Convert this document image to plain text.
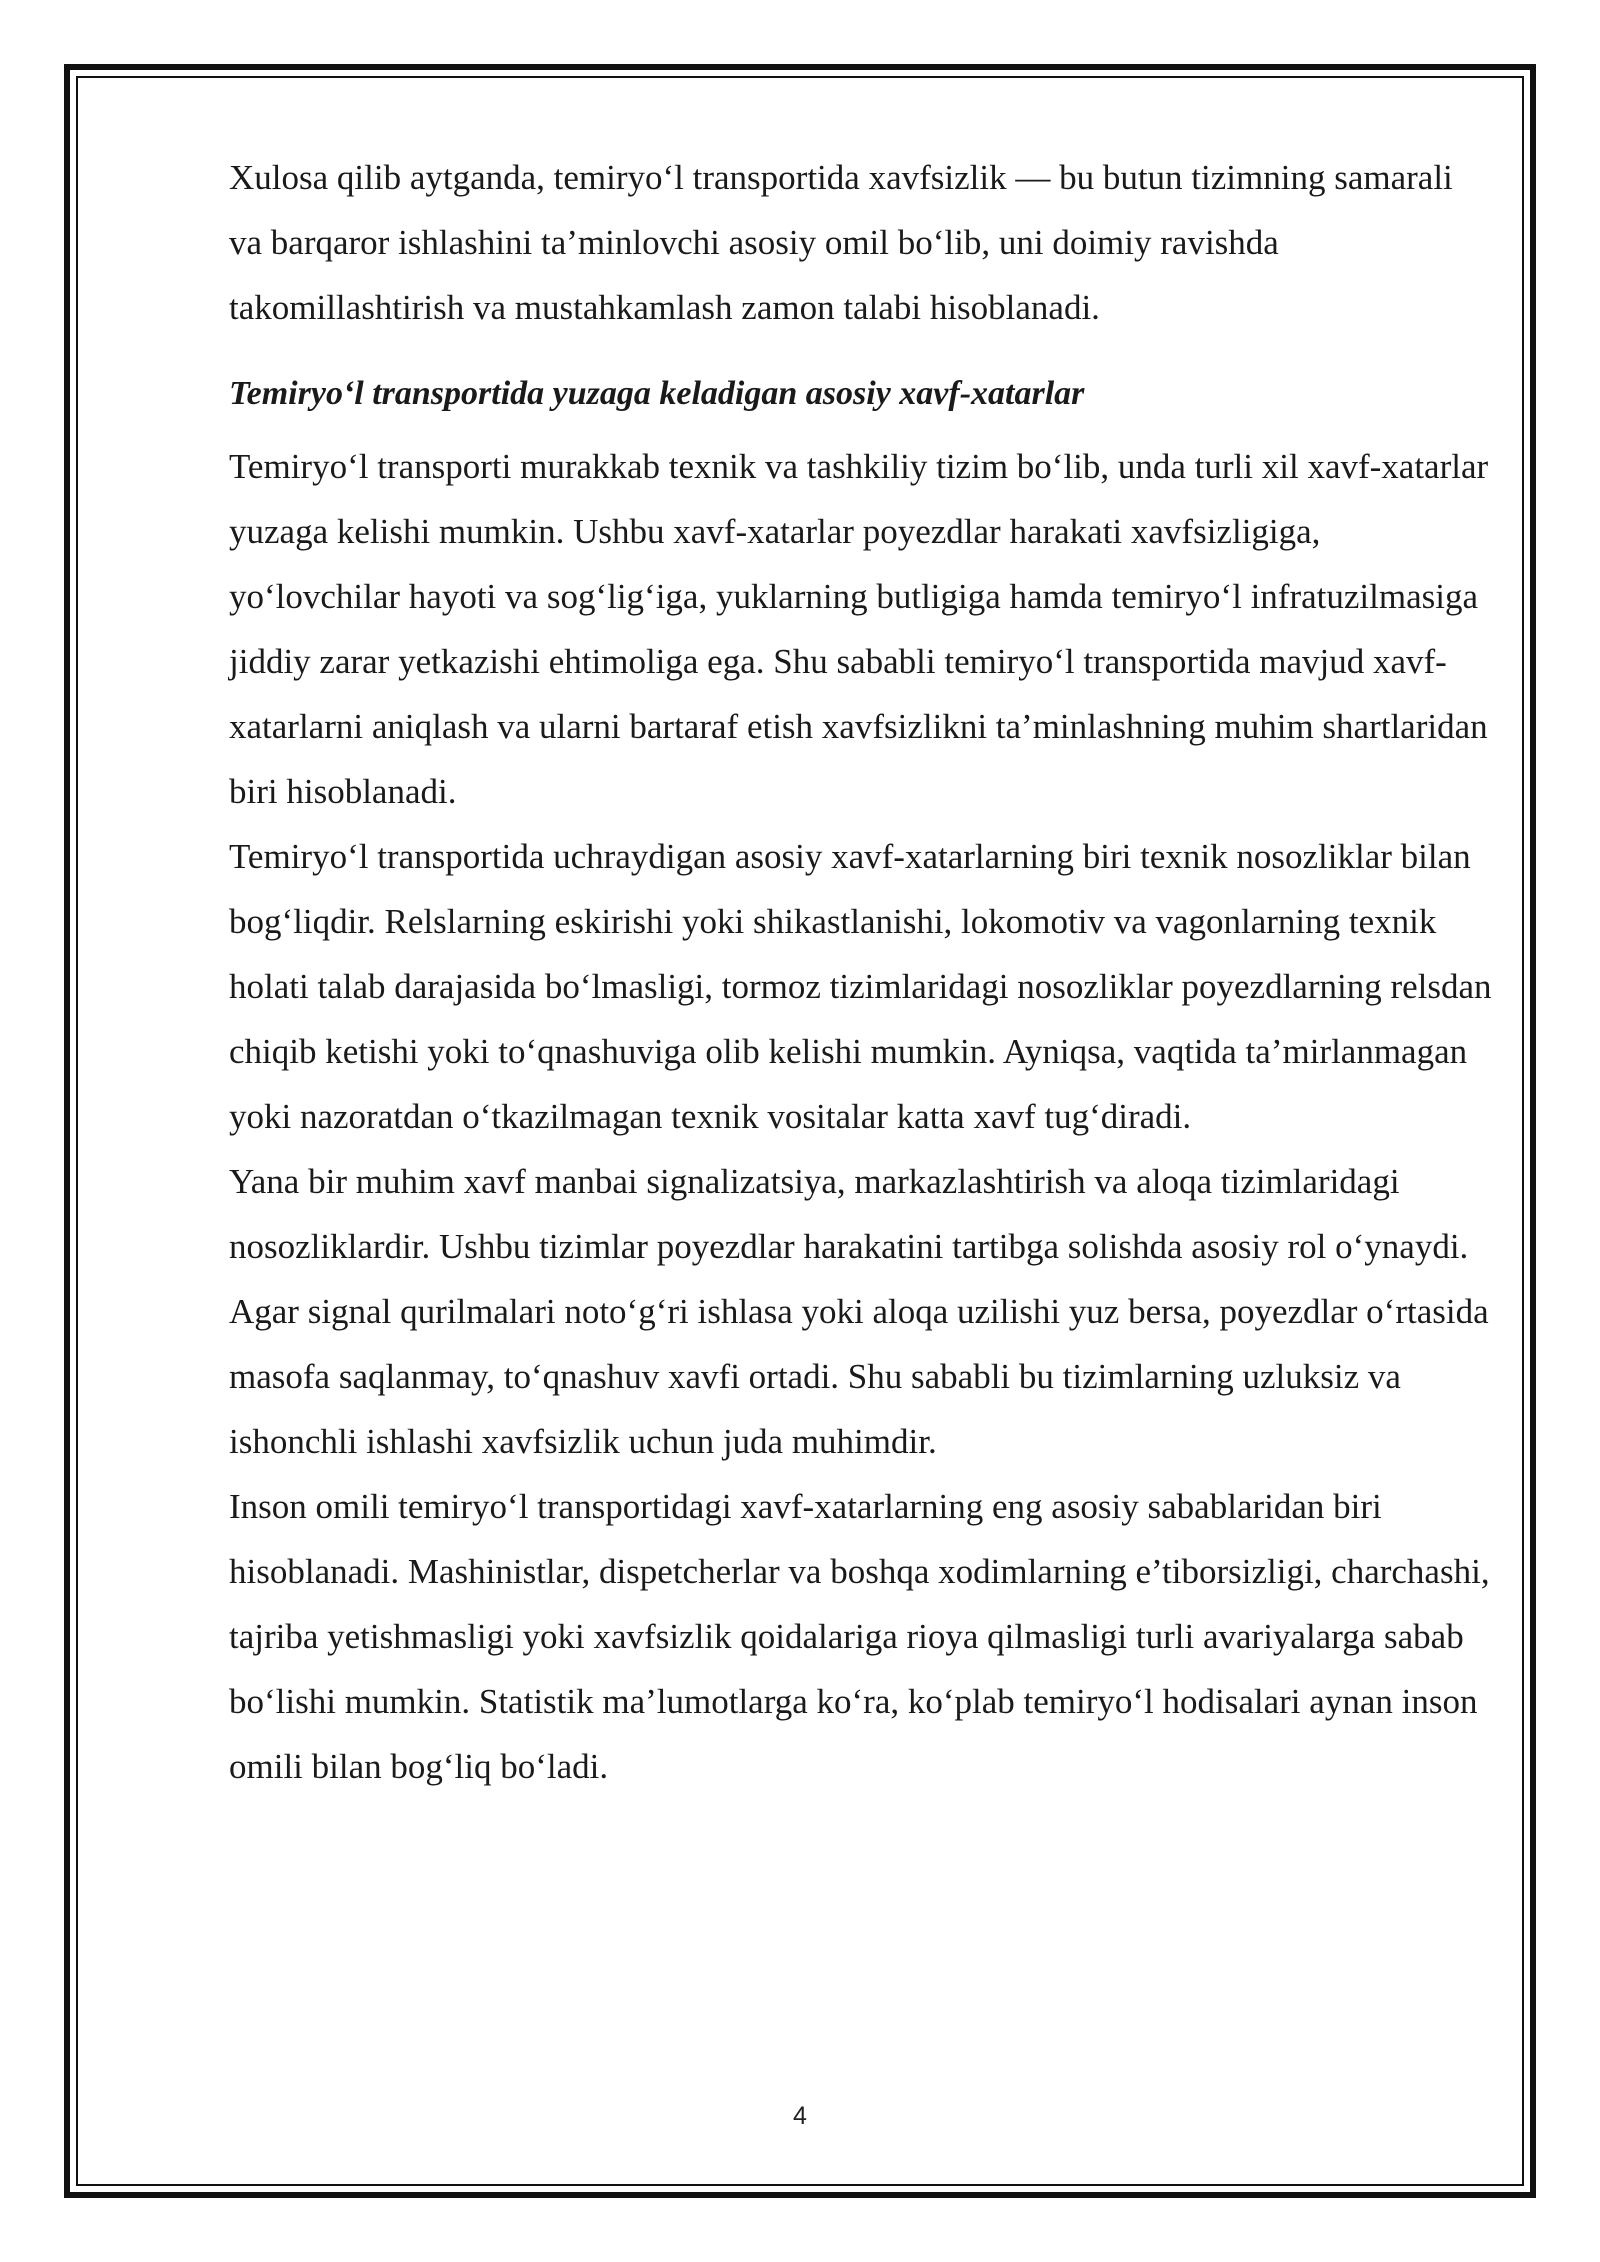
Xulosa qilib aytganda, temiryo‘l transportida xavfsizlik — bu butun tizimning samarali va barqaror ishlashini ta’minlovchi asosiy omil bo‘lib, uni doimiy ravishda takomillashtirish va mustahkamlash zamon talabi hisoblanadi.

Temiryo‘l transportida yuzaga keladigan asosiy xavf-xatarlar

Temiryo‘l transporti murakkab texnik va tashkiliy tizim bo‘lib, unda turli xil xavf-xatarlar yuzaga kelishi mumkin. Ushbu xavf-xatarlar poyezdlar harakati xavfsizligiga, yo‘lovchilar hayoti va sog‘lig‘iga, yuklarning butligiga hamda temiryo‘l infratuzilmasiga jiddiy zarar yetkazishi ehtimoliga ega. Shu sababli temiryo‘l transportida mavjud xavf-xatarlarni aniqlash va ularni bartaraf etish xavfsizlikni ta’minlashning muhim shartlaridan biri hisoblanadi.

Temiryo‘l transportida uchraydigan asosiy xavf-xatarlarning biri texnik nosozliklar bilan bog‘liqdir. Relslarning eskirishi yoki shikastlanishi, lokomotiv va vagonlarning texnik holati talab darajasida bo‘lmasligi, tormoz tizimlaridagi nosozliklar poyezdlarning relsdan chiqib ketishi yoki to‘qnashuviga olib kelishi mumkin. Ayniqsa, vaqtida ta’mirlanmagan yoki nazoratdan o‘tkazilmagan texnik vositalar katta xavf tug‘diradi.

Yana bir muhim xavf manbai signalizatsiya, markazlashtirish va aloqa tizimlaridagi nosozliklardir. Ushbu tizimlar poyezdlar harakatini tartibga solishda asosiy rol o‘ynaydi. Agar signal qurilmalari noto‘g‘ri ishlasa yoki aloqa uzilishi yuz bersa, poyezdlar o‘rtasida masofa saqlanmay, to‘qnashuv xavfi ortadi. Shu sababli bu tizimlarning uzluksiz va ishonchli ishlashi xavfsizlik uchun juda muhimdir.

Inson omili temiryo‘l transportidagi xavf-xatarlarning eng asosiy sabablaridan biri hisoblanadi. Mashinistlar, dispetcherlar va boshqa xodimlarning e’tiborsizligi, charchashi, tajriba yetishmasligi yoki xavfsizlik qoidalariga rioya qilmasligi turli avariyalarga sabab bo‘lishi mumkin. Statistik ma’lumotlarga ko‘ra, ko‘plab temiryo‘l hodisalari aynan inson omili bilan bog‘liq bo‘ladi.

4
